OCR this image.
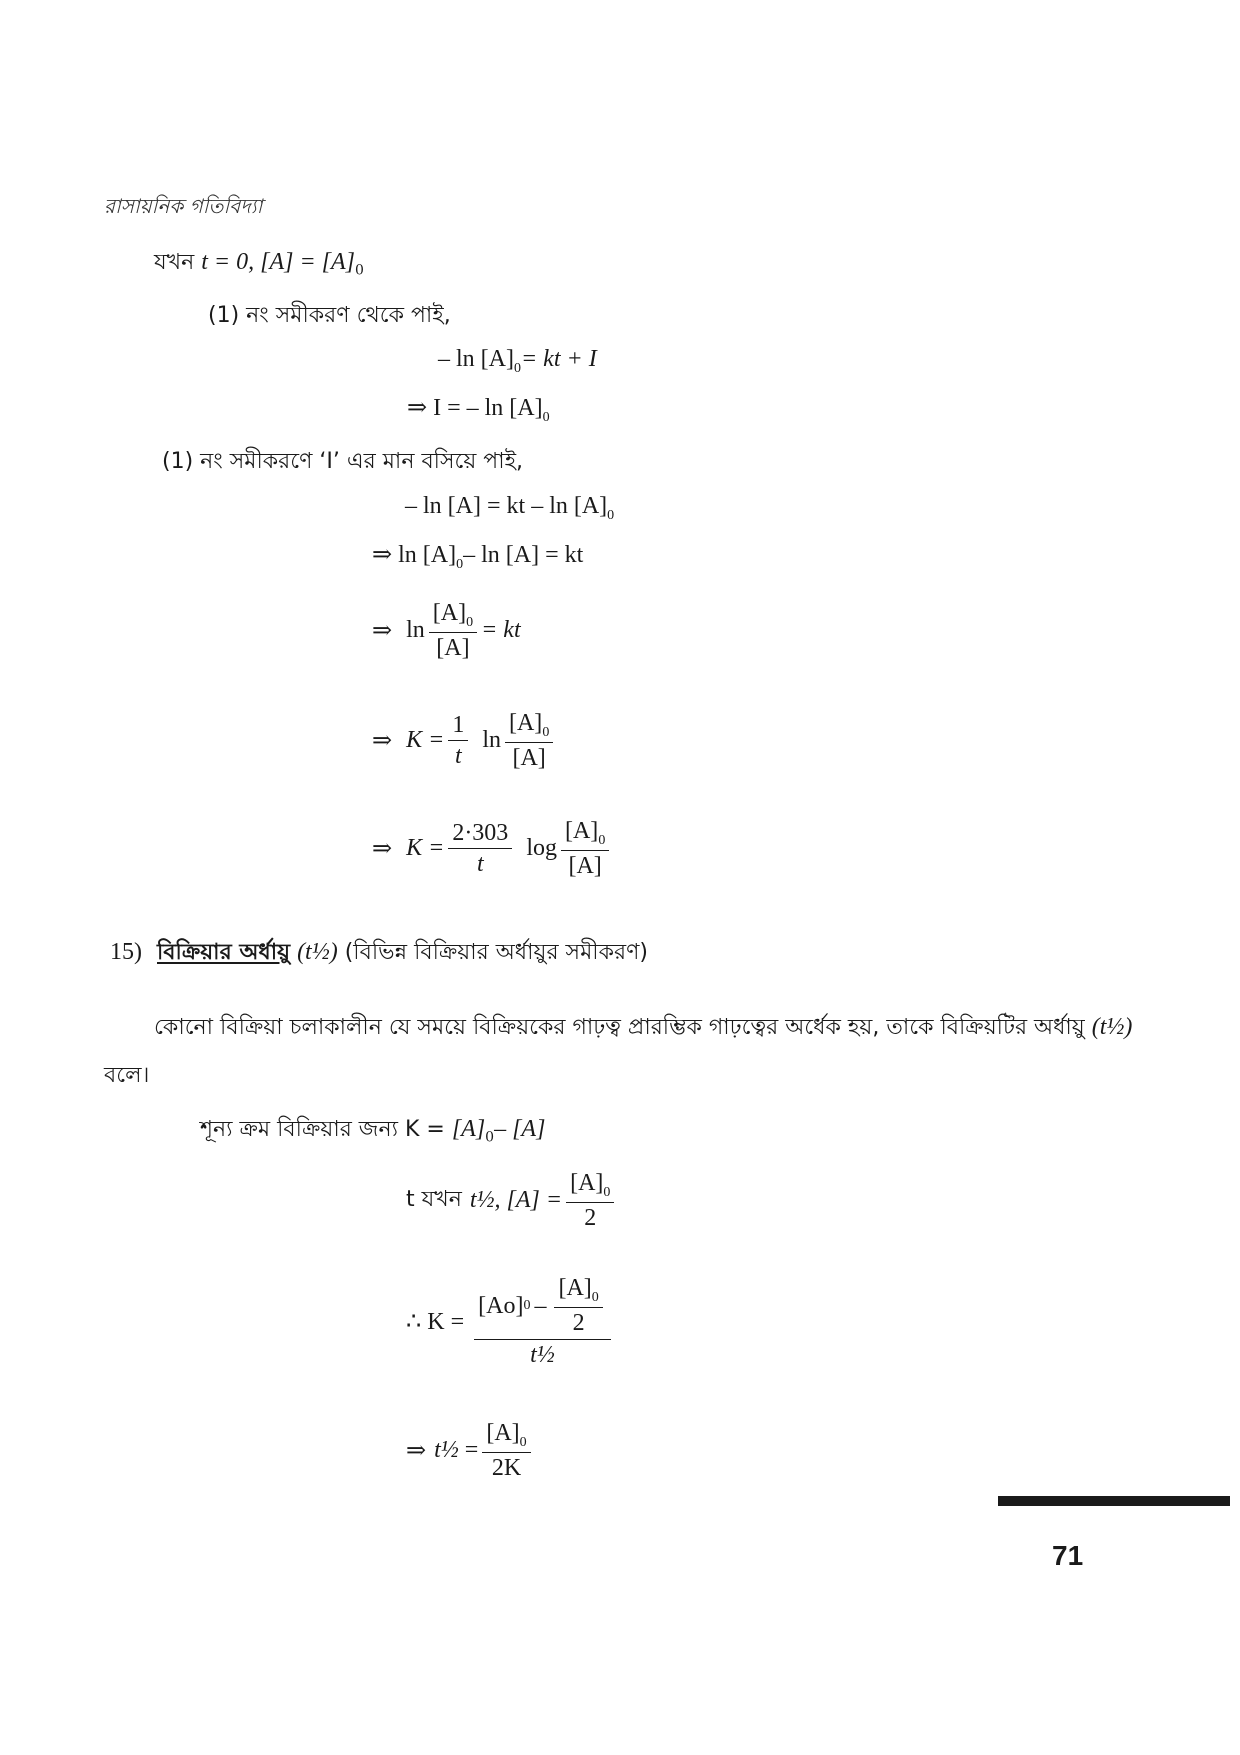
রাসায়নিক গতিবিদ্যা
যখন t = 0, $[A] = [A]_0$
(1) নং সমীকরণ থেকে পাই,
– $\ln [A]_0=$ kt + I
⇒ I = – $\ln [A]_0$
(1) নং সমীকরণে ‘I’ এর মান বসিয়ে পাই,
– ln [A] = kt – $\ln [A]_0$
⇒ $\ln [A]_0-$ ln [A] = kt
⇒ $\ln \frac{[A]_0}{[A]}$ = kt
⇒ $K = \frac{1}{t}$ $\ln \frac{[A]_0}{[A]}$
⇒ $K = \frac{2\cdot 303}{t}$ $\log \frac{[A]_0}{[A]}$
15) বিক্রিয়ার অর্ধায়ু (t½) (বিভিন্ন বিক্রিয়ার অর্ধায়ুর সমীকরণ)
কোনো বিক্রিয়া চলাকালীন যে সময়ে বিক্রিয়কের গাঢ়ত্ব প্রারম্ভিক গাঢ়ত্বের অর্ধেক হয়, তাকে বিক্রিয়টির অর্ধায়ু (t½)
বলে।
শূন্য ক্রম বিক্রিয়ার জন্য $K = [A]_0-$ [A]
t যখন t½ , $[A] = \frac{[A]_0}{2}$
∴ $K = \frac{[Ao] 0 - \frac{[A]_0}{2}}{\text{t½}}$
⇒ t½ = $\frac{[A]_0}{2K}$
71
